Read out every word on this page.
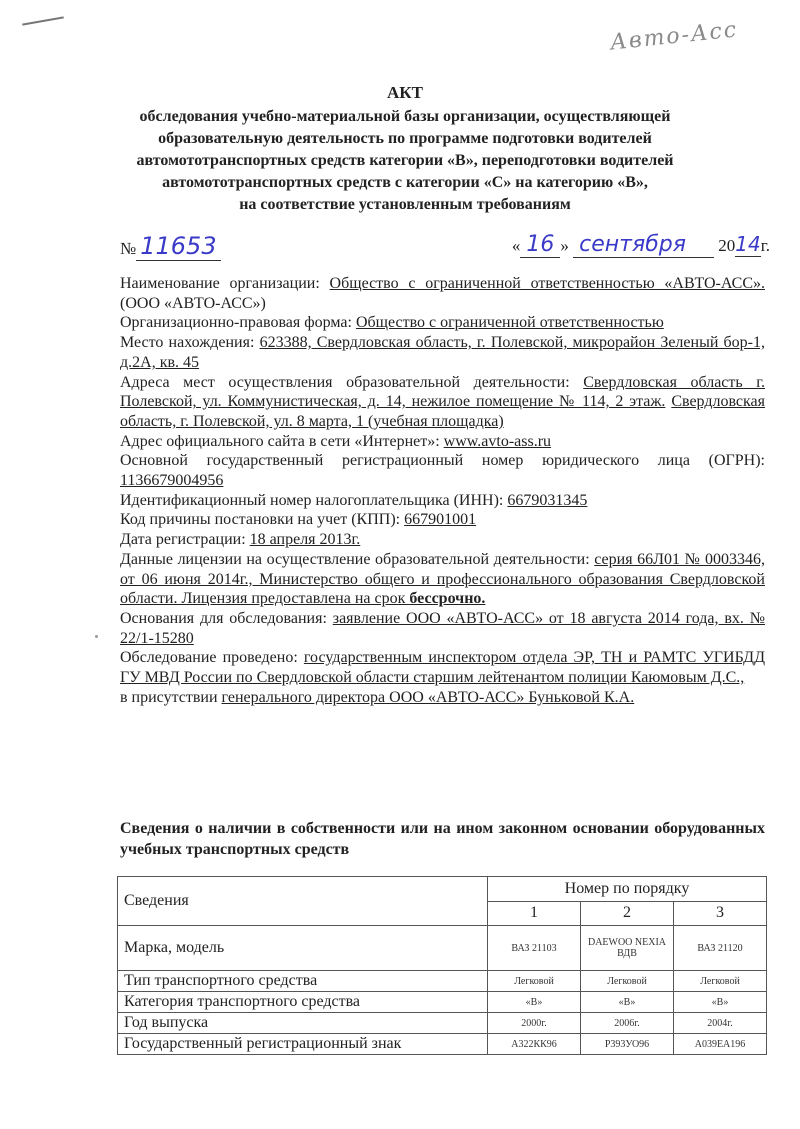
Авто-Асс
АКТ
обследования учебно-материальной базы организации, осуществляющей
образовательную деятельность по программе подготовки водителей
автомототранспортных средств категории «В», переподготовки водителей
автомототранспортных средств с категории «С» на категорию «В»,
на соответствие установленным требованиям
№ 11653	« 16 » сентября 2014г.

Наименование организации: Общество с ограниченной ответственностью «АВТО-АСС». (ООО «АВТО-АСС»)

Организационно-правовая форма: Общество с ограниченной ответственностью

Место нахождения: 623388, Свердловская область, г. Полевской, микрорайон Зеленый бор-1, д.2А, кв. 45

Адреса мест осуществления образовательной деятельности: Свердловская область г. Полевской, ул. Коммунистическая, д. 14, нежилое помещение № 114, 2 этаж. Свердловская область, г. Полевской, ул. 8 марта, 1 (учебная площадка)

Адрес официального сайта в сети «Интернет»: www.avto-ass.ru

Основной государственный регистрационный номер юридического лица (ОГРН): 1136679004956

Идентификационный номер налогоплательщика (ИНН): 6679031345

Код причины постановки на учет (КПП): 667901001

Дата регистрации: 18 апреля 2013г.

Данные лицензии на осуществление образовательной деятельности: серия 66Л01 № 0003346, от 06 июня 2014г., Министерство общего и профессионального образования Свердловской области. Лицензия предоставлена на срок бессрочно.

Основания для обследования: заявление ООО «АВТО-АСС» от 18 августа 2014 года, вх. № 22/1-15280

Обследование проведено: государственным инспектором отдела ЭР, ТН и РАМТС УГИБДД ГУ МВД России по Свердловской области старшим лейтенантом полиции Каюмовым Д.С.,

в присутствии генерального директора ООО «АВТО-АСС» Буньковой К.А.

Сведения о наличии в собственности или на ином законном основании оборудованных учебных транспортных средств
Сведения	Номер по порядку		
	1	2	3
Марка, модель	ВАЗ 21103	DAEWOO NEXIA ВДВ	ВАЗ 21120
Тип транспортного средства	Легковой	Легковой	Легковой
Категория транспортного средства	«В»	«В»	«В»
Год выпуска	2000г.	2006г.	2004г.
Государственный регистрационный знак	А322КК96	Р393УО96	А039ЕА196
